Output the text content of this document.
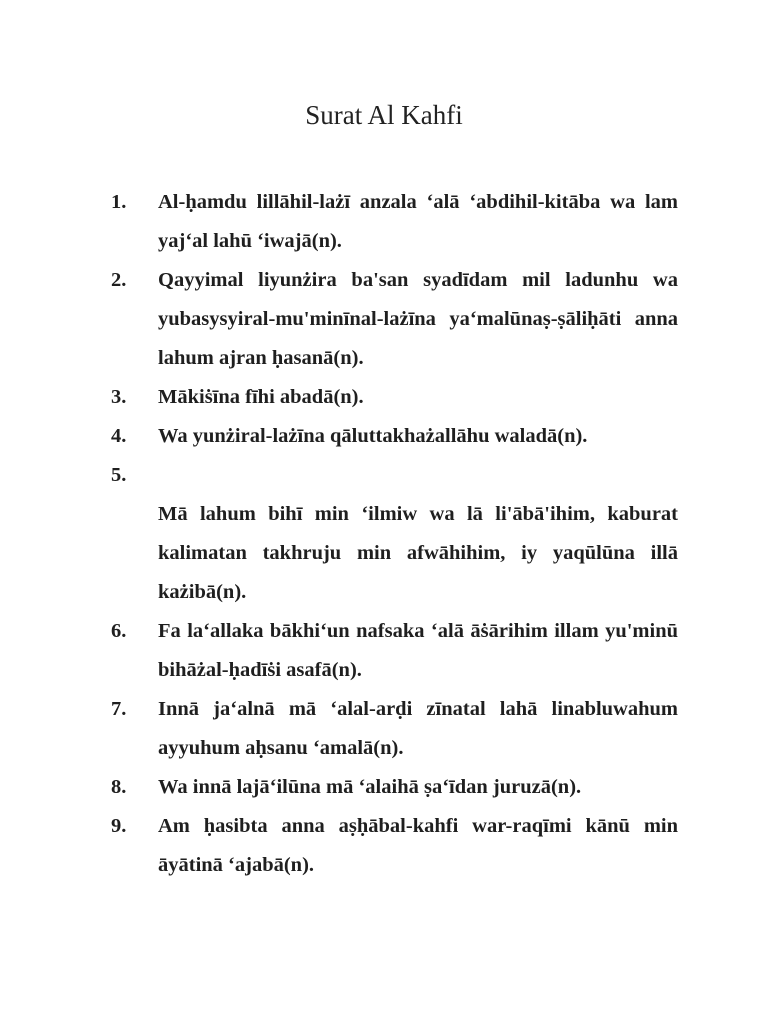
Surat Al Kahfi
1. Al-ḥamdu lillāhil-lażī anzala ‘alā ‘abdihil-kitāba wa lam yaj‘al lahū ‘iwajā(n).
2. Qayyimal liyunżira ba'san syadīdam mil ladunhu wa yubasysyiral-mu'minīnal-lażīna ya‘malūnaṣ-ṣāliḥāti anna lahum ajran ḥasanā(n).
3. Mākiṡīna fīhi abadā(n).
4. Wa yunżiral-lażīna qāluttakhażallāhu waladā(n).
5.
Mā lahum bihī min ‘ilmiw wa lā li'ābā'ihim, kaburat kalimatan takhruju min afwāhihim, iy yaqūlūna illā każibā(n).
6. Fa la‘allaka bākhi‘un nafsaka ‘alā āṡārihim illam yu'minū bihāżal-ḥadīṡi asafā(n).
7. Innā ja‘alnā mā ‘alal-arḍi zīnatal lahā linabluwahum ayyuhum aḥsanu ‘amalā(n).
8. Wa innā lajā‘ilūna mā ‘alaihā ṣa‘īdan juruzā(n).
9. Am ḥasibta anna aṣḥābal-kahfi war-raqīmi kānū min āyātinā ‘ajabā(n).
